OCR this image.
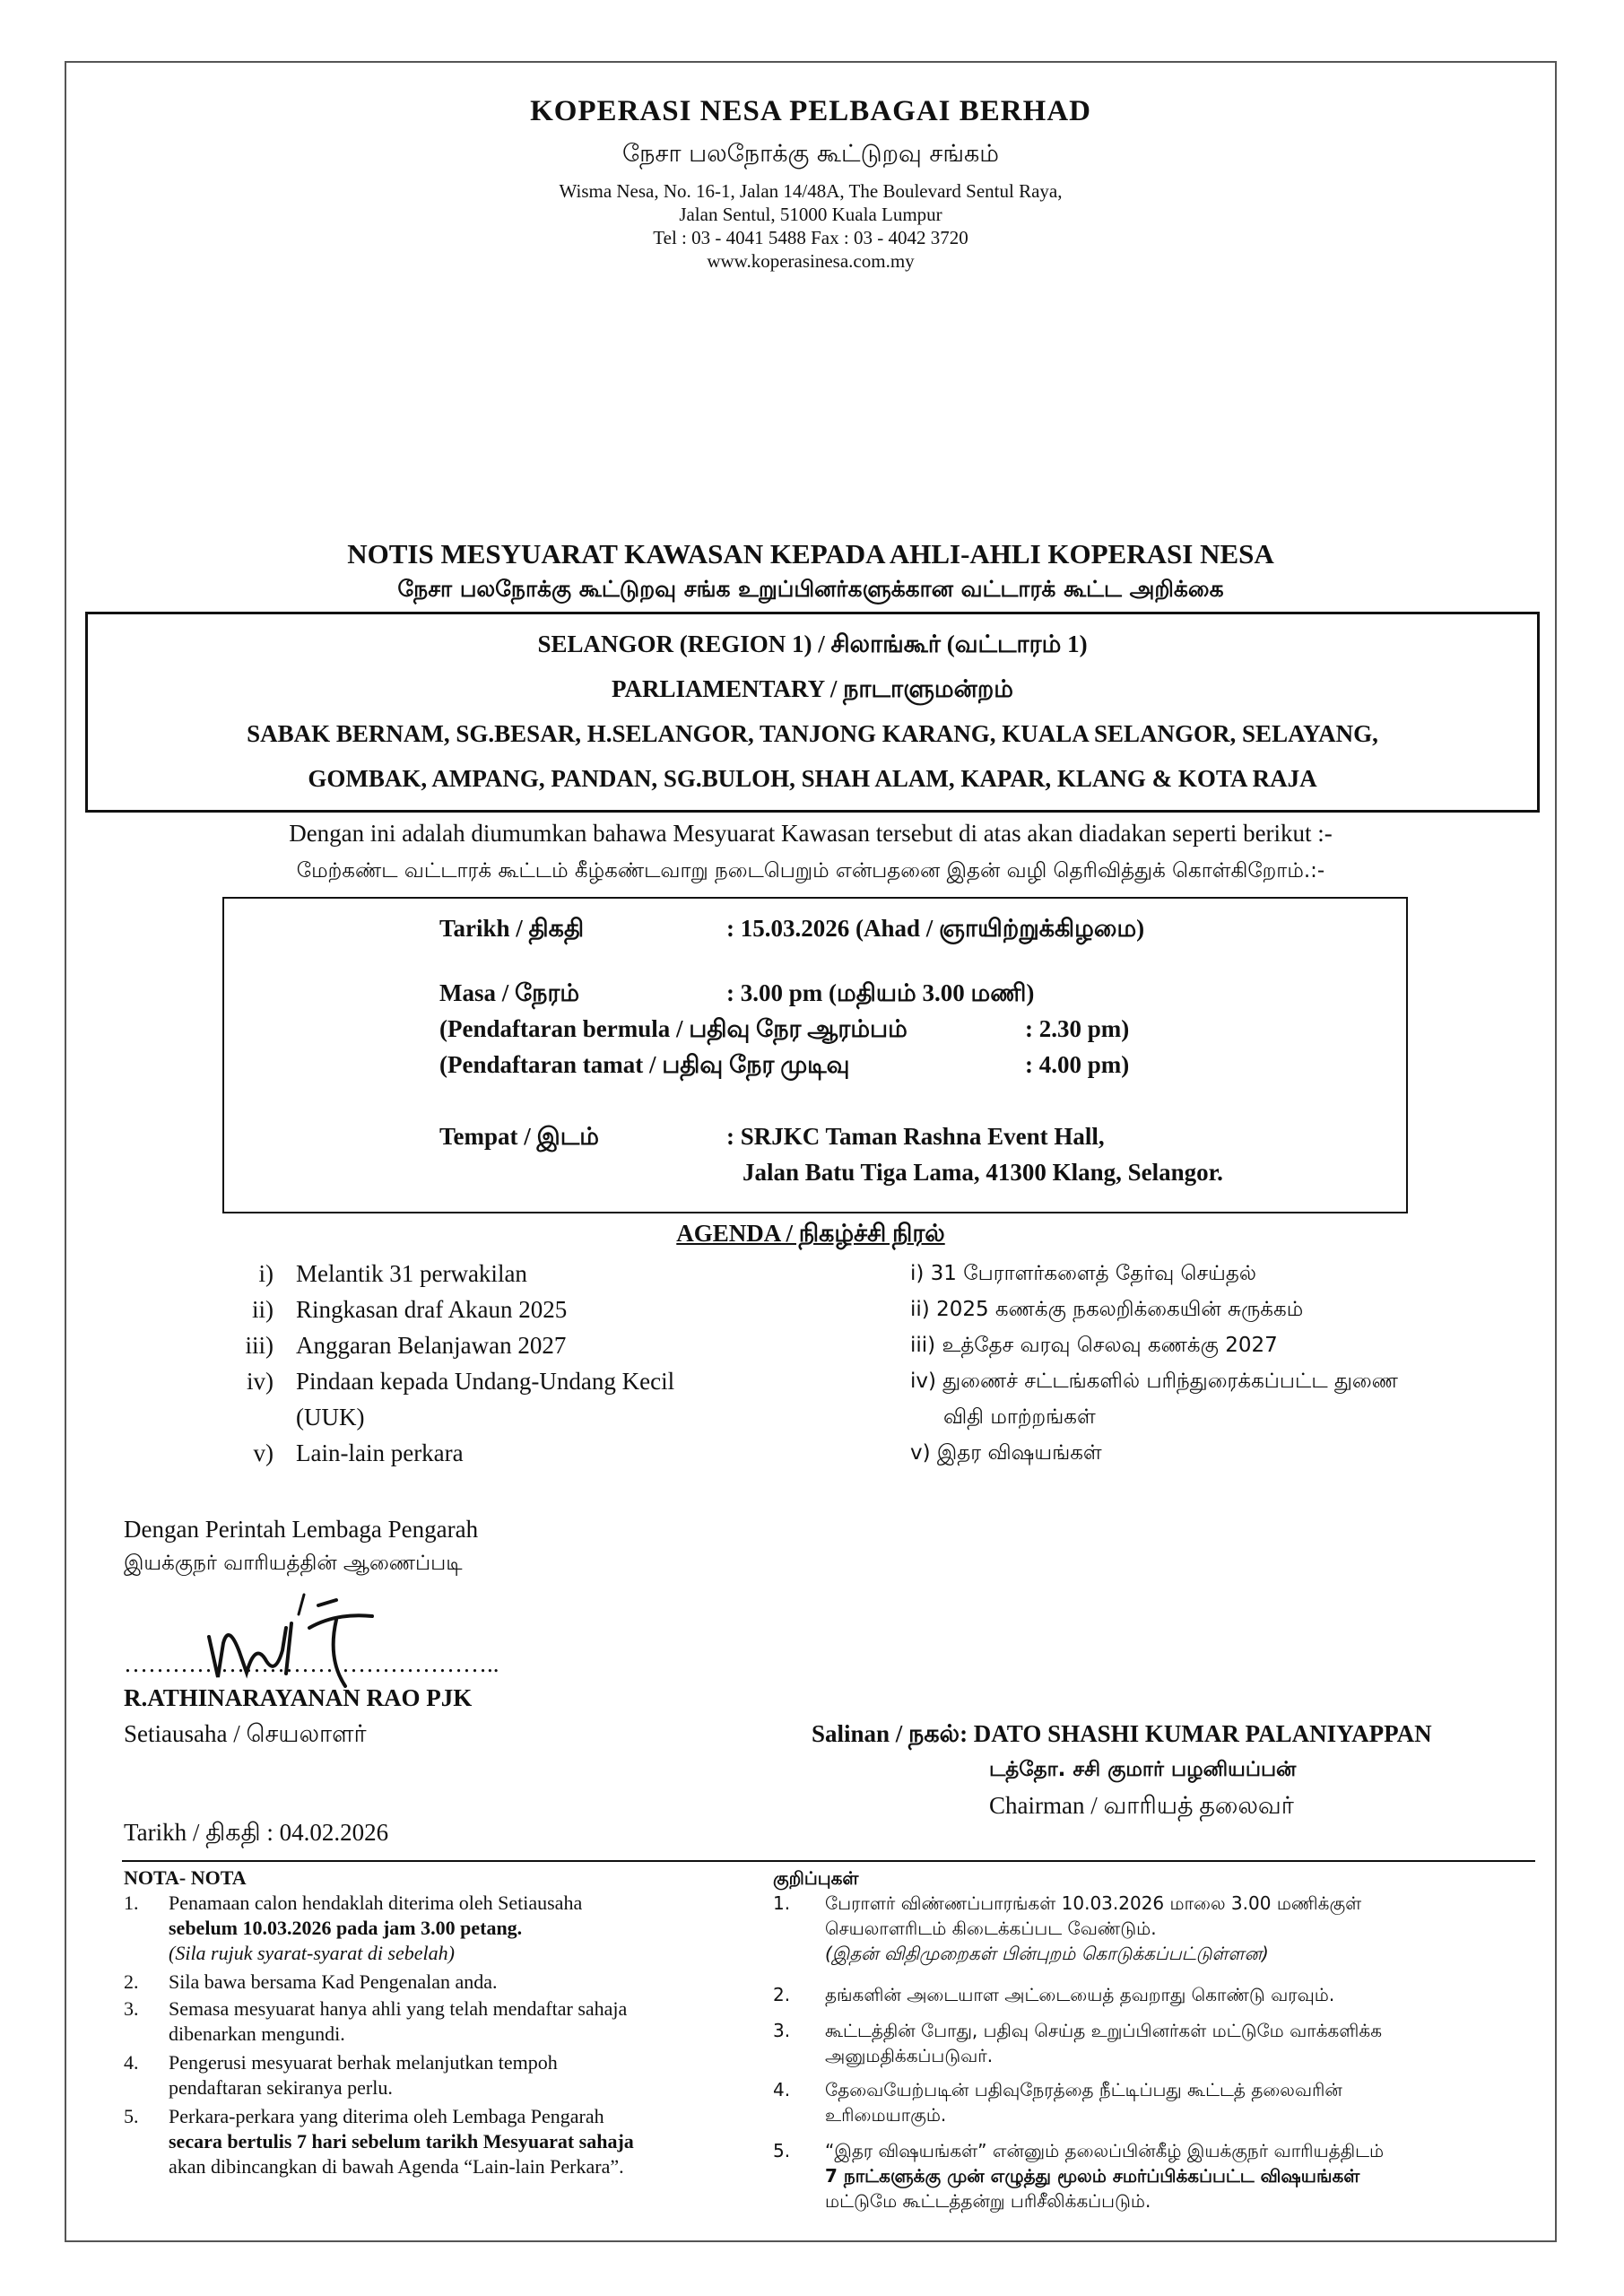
KOPERASI NESA PELBAGAI BERHAD
நேசா பலநோக்கு கூட்டுறவு சங்கம்
Wisma Nesa, No. 16-1, Jalan 14/48A, The Boulevard Sentul Raya,
Jalan Sentul, 51000 Kuala Lumpur
Tel : 03 - 4041 5488 Fax : 03 - 4042 3720
www.koperasinesa.com.my
NOTIS MESYUARAT KAWASAN KEPADA AHLI-AHLI KOPERASI NESA
நேசா பலநோக்கு கூட்டுறவு சங்க உறுப்பினர்களுக்கான வட்டாரக் கூட்ட அறிக்கை
SELANGOR (REGION 1) / சிலாங்கூர் (வட்டாரம் 1)
PARLIAMENTARY / நாடாளுமன்றம்
SABAK BERNAM, SG.BESAR, H.SELANGOR, TANJONG KARANG, KUALA SELANGOR, SELAYANG,
GOMBAK, AMPANG, PANDAN, SG.BULOH, SHAH ALAM, KAPAR, KLANG & KOTA RAJA
Dengan ini adalah diumumkan bahawa Mesyuarat Kawasan tersebut di atas akan diadakan seperti berikut :-
மேற்கண்ட வட்டாரக் கூட்டம் கீழ்கண்டவாறு நடைபெறும் என்பதனை இதன் வழி தெரிவித்துக் கொள்கிறோம்.:-
Tarikh / திகதி	: 15.03.2026 (Ahad / ஞாயிற்றுக்கிழமை)
Masa / நேரம்	: 3.00 pm (மதியம் 3.00 மணி)
(Pendaftaran bermula / பதிவு நேர ஆரம்பம்	: 2.30 pm)
(Pendaftaran tamat / பதிவு நேர முடிவு	: 4.00 pm)
Tempat / இடம்	: SRJKC Taman Rashna Event Hall,
Jalan Batu Tiga Lama, 41300 Klang, Selangor.
AGENDA / நிகழ்ச்சி நிரல்
i) Melantik 31 perwakilan
ii) Ringkasan draf Akaun 2025
iii) Anggaran Belanjawan 2027
iv) Pindaan kepada Undang-Undang Kecil
(UUK)
v) Lain-lain perkara
i) 31 பேராளர்களைத் தேர்வு செய்தல்
ii) 2025 கணக்கு நகலறிக்கையின் சுருக்கம்
iii) உத்தேச வரவு செலவு கணக்கு 2027
iv) துணைச் சட்டங்களில் பரிந்துரைக்கப்பட்ட துணை
விதி மாற்றங்கள்
v) இதர விஷயங்கள்
Dengan Perintah Lembaga Pengarah
இயக்குநர் வாரியத்தின் ஆணைப்படி
………………………………………..
R.ATHINARAYANAN RAO PJK
Setiausaha / செயலாளர்
Tarikh / திகதி : 04.02.2026
Salinan / நகல்: DATO SHASHI KUMAR PALANIYAPPAN
டத்தோ. சசி குமார் பழனியப்பன்
Chairman / வாரியத் தலைவர்
NOTA- NOTA
1. Penamaan calon hendaklah diterima oleh Setiausaha
sebelum 10.03.2026 pada jam 3.00 petang.
(Sila rujuk syarat-syarat di sebelah)
2. Sila bawa bersama Kad Pengenalan anda.
3. Semasa mesyuarat hanya ahli yang telah mendaftar sahaja
dibenarkan mengundi.
4. Pengerusi mesyuarat berhak melanjutkan tempoh
pendaftaran sekiranya perlu.
5. Perkara-perkara yang diterima oleh Lembaga Pengarah
secara bertulis 7 hari sebelum tarikh Mesyuarat sahaja
akan dibincangkan di bawah Agenda “Lain-lain Perkara”.
குறிப்புகள்
1. பேராளர் விண்ணப்பாரங்கள் 10.03.2026 மாலை 3.00 மணிக்குள்
செயலாளரிடம் கிடைக்கப்பட வேண்டும்.
(இதன் விதிமுறைகள் பின்புறம் கொடுக்கப்பட்டுள்ளன)
2. தங்களின் அடையாள அட்டையைத் தவறாது கொண்டு வரவும்.
3. கூட்டத்தின் போது, பதிவு செய்த உறுப்பினர்கள் மட்டுமே வாக்களிக்க
அனுமதிக்கப்படுவர்.
4. தேவையேற்படின் பதிவுநேரத்தை நீட்டிப்பது கூட்டத் தலைவரின்
உரிமையாகும்.
5. “இதர விஷயங்கள்” என்னும் தலைப்பின்கீழ் இயக்குநர் வாரியத்திடம்
7 நாட்களுக்கு முன் எழுத்து மூலம் சமர்ப்பிக்கப்பட்ட விஷயங்கள்
மட்டுமே கூட்டத்தன்று பரிசீலிக்கப்படும்.
